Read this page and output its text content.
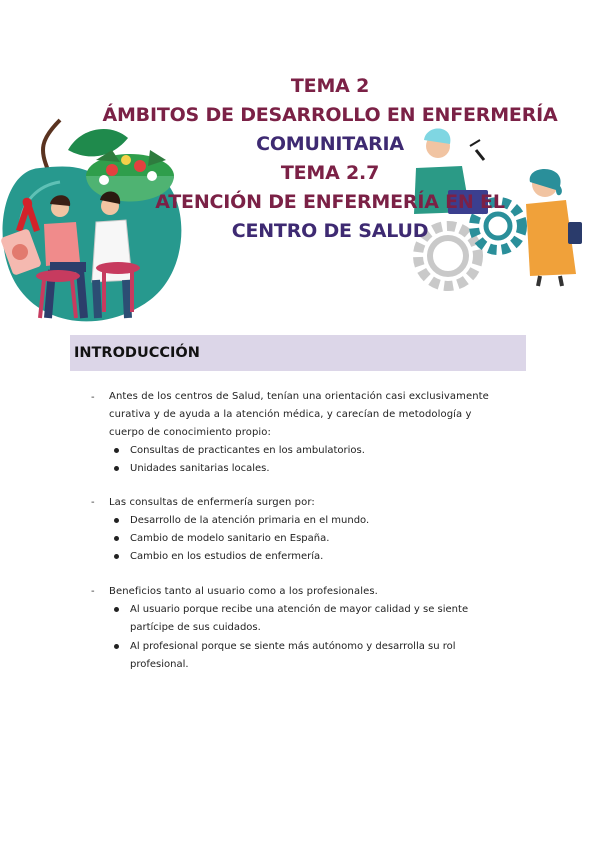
TEMA 2
ÁMBITOS DE DESARROLLO EN ENFERMERÍA
COMUNITARIA
TEMA 2.7
ATENCIÓN DE ENFERMERÍA EN EL
CENTRO DE SALUD
INTRODUCCIÓN
- Antes de los centros de Salud, tenían una orientación casi exclusivamente curativa y de ayuda a la atención médica, y carecían de metodología y cuerpo de conocimiento propio:
Consultas de practicantes en los ambulatorios.
Unidades sanitarias locales.
- Las consultas de enfermería surgen por:
Desarrollo de la atención primaria en el mundo.
Cambio de modelo sanitario en España.
Cambio en los estudios de enfermería.
- Beneficios tanto al usuario como a los profesionales.
Al usuario porque recibe una atención de mayor calidad y se siente partícipe de sus cuidados.
Al profesional porque se siente más autónomo y desarrolla su rol profesional.
